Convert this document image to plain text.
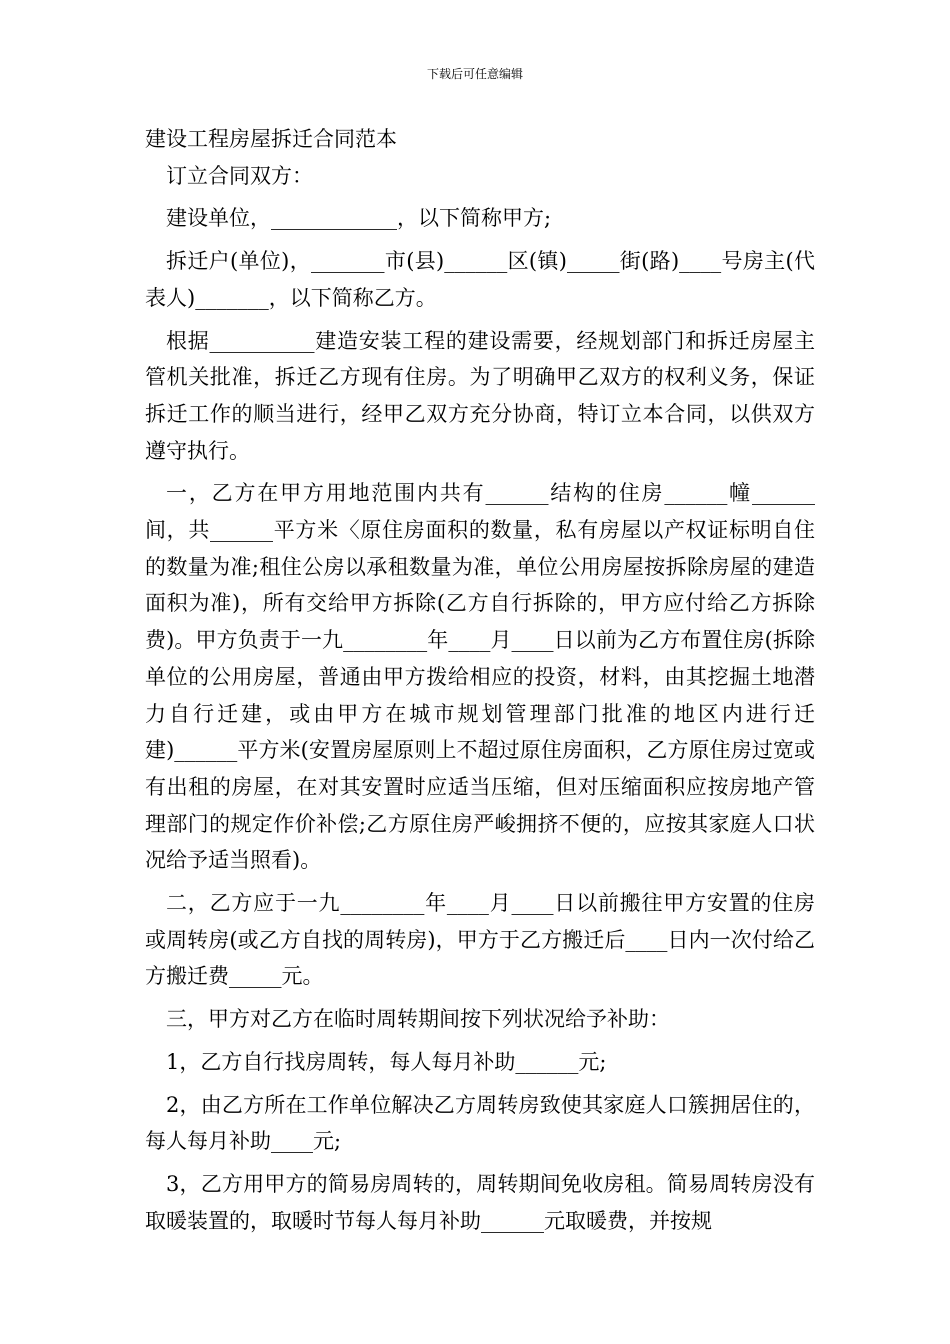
下载后可任意编辑
建设工程房屋拆迁合同范本

订立合同双方：

建设单位，____________，以下简称甲方;

拆迁户(单位)，_______市(县)______区(镇)_____街(路)____号房主(代表人)_______，以下简称乙方。

根据__________建造安装工程的建设需要，经规划部门和拆迁房屋主管机关批准，拆迁乙方现有住房。为了明确甲乙双方的权利义务，保证拆迁工作的顺当进行，经甲乙双方充分协商，特订立本合同，以供双方遵守执行。

一，乙方在甲方用地范围内共有______结构的住房______幢______间，共______平方米〈原住房面积的数量，私有房屋以产权证标明自住的数量为准;租住公房以承租数量为准，单位公用房屋按拆除房屋的建造面积为准)，所有交给甲方拆除(乙方自行拆除的，甲方应付给乙方拆除费)。甲方负责于一九________年____月____日以前为乙方布置住房(拆除单位的公用房屋，普通由甲方拨给相应的投资，材料，由其挖掘土地潜力自行迁建，或由甲方在城市规划管理部门批准的地区内进行迁建)______平方米(安置房屋原则上不超过原住房面积，乙方原住房过宽或有出租的房屋，在对其安置时应适当压缩，但对压缩面积应按房地产管理部门的规定作价补偿;乙方原住房严峻拥挤不便的，应按其家庭人口状况给予适当照看)。

二，乙方应于一九________年____月____日以前搬往甲方安置的住房或周转房(或乙方自找的周转房)，甲方于乙方搬迁后____日内一次付给乙方搬迁费_____元。

三，甲方对乙方在临时周转期间按下列状况给予补助：

1，乙方自行找房周转，每人每月补助______元;

2，由乙方所在工作单位解决乙方周转房致使其家庭人口簇拥居住的，每人每月补助____元;

3，乙方用甲方的简易房周转的，周转期间免收房租。简易周转房没有取暖装置的，取暖时节每人每月补助______元取暖费，并按规
